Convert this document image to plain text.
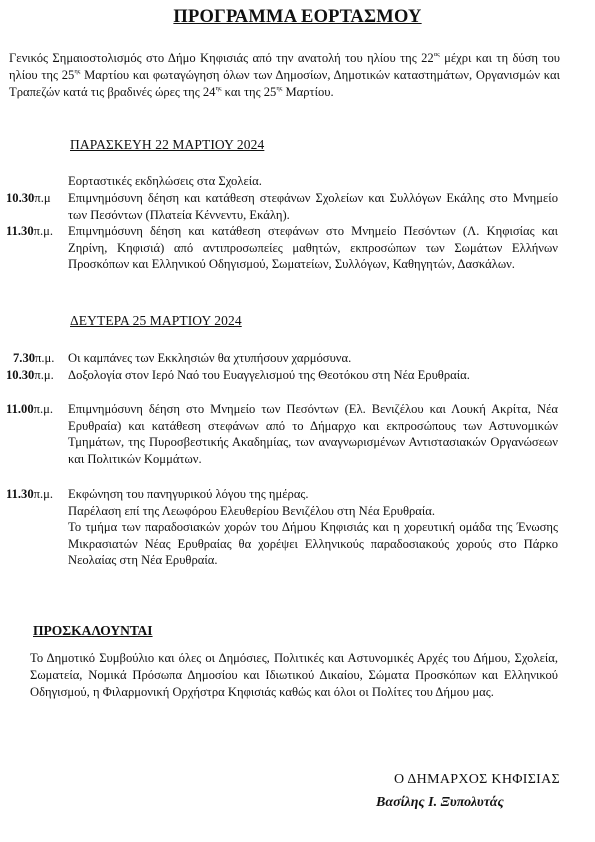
ΠΡΟΓΡΑΜΜΑ ΕΟΡΤΑΣΜΟΥ
Γενικός Σημαιοστολισμός στο Δήμο Κηφισιάς από την ανατολή του ηλίου της $22^{\alpha\varsigma}$ μέχρι και τη δύση του ηλίου της $25^{\eta\varsigma}$ Μαρτίου και φωταγώγηση όλων των Δημοσίων, Δημοτικών καταστημάτων, Οργανισμών και Τραπεζών κατά τις βραδινές ώρες της $24^{\eta\varsigma}$ και της $25^{\eta\varsigma}$ Μαρτίου.
ΠΑΡΑΣΚΕΥΗ 22 ΜΑΡΤΙΟΥ 2024
Εορταστικές εκδηλώσεις στα Σχολεία.
10.30π.μ Επιμνημόσυνη δέηση και κατάθεση στεφάνων Σχολείων και Συλλόγων Εκάλης στο Μνημείο των Πεσόντων (Πλατεία Κέννεντυ, Εκάλη).
11.30π.μ. Επιμνημόσυνη δέηση και κατάθεση στεφάνων στο Μνημείο Πεσόντων (Λ. Κηφισίας και Ζηρίνη, Κηφισιά) από αντιπροσωπείες μαθητών, εκπροσώπων των Σωμάτων Ελλήνων Προσκόπων και Ελληνικού Οδηγισμού, Σωματείων, Συλλόγων, Καθηγητών, Δασκάλων.
ΔΕΥΤΕΡΑ 25 ΜΑΡΤΙΟΥ 2024
7.30π.μ. Οι καμπάνες των Εκκλησιών θα χτυπήσουν χαρμόσυνα.
10.30π.μ. Δοξολογία στον Ιερό Ναό του Ευαγγελισμού της Θεοτόκου στη Νέα Ερυθραία.
11.00π.μ. Επιμνημόσυνη δέηση στο Μνημείο των Πεσόντων (Ελ. Βενιζέλου και Λουκή Ακρίτα, Νέα Ερυθραία) και κατάθεση στεφάνων από το Δήμαρχο και εκπροσώπους των Αστυνομικών Τμημάτων, της Πυροσβεστικής Ακαδημίας, των αναγνωρισμένων Αντιστασιακών Οργανώσεων και Πολιτικών Κομμάτων.
11.30π.μ. Εκφώνηση του πανηγυρικού λόγου της ημέρας.
Παρέλαση επί της Λεωφόρου Ελευθερίου Βενιζέλου στη Νέα Ερυθραία.
Το τμήμα των παραδοσιακών χορών του Δήμου Κηφισιάς και η χορευτική ομάδα της Ένωσης Μικρασιατών Νέας Ερυθραίας θα χορέψει Ελληνικούς παραδοσιακούς χορούς στο Πάρκο Νεολαίας στη Νέα Ερυθραία.
ΠΡΟΣΚΑΛΟΥΝΤΑΙ
Το Δημοτικό Συμβούλιο και όλες οι Δημόσιες, Πολιτικές και Αστυνομικές Αρχές του Δήμου, Σχολεία, Σωματεία, Νομικά Πρόσωπα Δημοσίου και Ιδιωτικού Δικαίου, Σώματα Προσκόπων και Ελληνικού Οδηγισμού, η Φιλαρμονική Ορχήστρα Κηφισιάς καθώς και όλοι οι Πολίτες του Δήμου μας.
Ο ΔΗΜΑΡΧΟΣ ΚΗΦΙΣΙΑΣ
Βασίλης Ι. Ξυπολυτάς
